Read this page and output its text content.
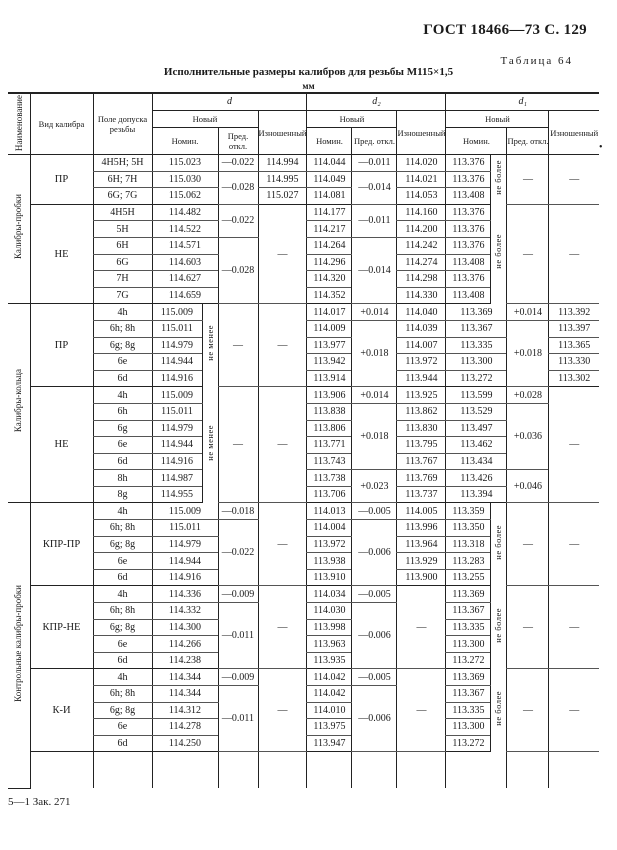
ГОСТ 18466—73 С. 129
Таблица 64
Исполнительные размеры калибров для резьбы М115×1,5
мм
•
Наименование	Вид калибра	Поле допуска резьбы	d				d₂			d₁			
			Новый			Изношенный	Новый		Изношенный	Новый			Изношенный
			Номин.		Пред. откл.		Номин.	Пред. откл.		Номин.		Пред. откл.	
Калибры-пробки	ПР	4H5H; 5H	115.023		—0.022	114.994	114.044	—0.011	114.020	113.376	не более	—	—
		6H; 7H	115.030		—0.028	114.995	114.049	—0.014	114.021	113.376			
		6G; 7G	115.062			115.027	114.081		114.053	113.408			
	НЕ	4H5H	114.482		—0.022	—	114.177	—0.011	114.160	113.376	не более	—	—
		5H	114.522				114.217		114.200	113.376			
		6H	114.571		—0.028		114.264	—0.014	114.242	113.376			
		6G	114.603				114.296		114.274	113.408			
		7H	114.627				114.320		114.298	113.376			
		7G	114.659				114.352		114.330	113.408			
Калибры-кольца	ПР	4h	115.009	не менее	—	—	114.017	+0.014	114.040	113.369		+0.014	113.392
		6h; 8h	115.011				114.009	+0.018	114.039	113.367		+0.018	113.397
		6g; 8g	114.979				113.977		114.007	113.335			113.365
		6e	114.944				113.942		113.972	113.300			113.330
		6d	114.916				113.914		113.944	113.272			113.302
	НЕ	4h	115.009	не менее	—	—	113.906	+0.014	113.925	113.599		+0.028	—
		6h	115.011				113.838	+0.018	113.862	113.529		+0.036	
		6g	114.979				113.806		113.830	113.497			
		6e	114.944				113.771		113.795	113.462			
		6d	114.916				113.743		113.767	113.434			
		8h	114.987				113.738	+0.023	113.769	113.426		+0.046	
		8g	114.955				113.706		113.737	113.394			
Контрольные калибры-пробки	КПР-ПР	4h	115.009		—0.018	—	114.013	—0.005	114.005	113.359	не более	—	—
		6h; 8h	115.011		—0.022		114.004	—0.006	113.996	113.350			
		6g; 8g	114.979				113.972		113.964	113.318			
		6e	114.944				113.938		113.929	113.283			
		6d	114.916				113.910		113.900	113.255			
	КПР-НЕ	4h	114.336		—0.009	—	114.034	—0.005	—	113.369	не более	—	—
		6h; 8h	114.332		—0.011		114.030	—0.006		113.367			
		6g; 8g	114.300				113.998			113.335			
		6e	114.266				113.963			113.300			
		6d	114.238				113.935			113.272			
	К-И	4h	114.344		—0.009	—	114.042	—0.005	—	113.369	не более	—	—
		6h; 8h	114.344		—0.011		114.042	—0.006		113.367			
		6g; 8g	114.312				114.010			113.335			
		6e	114.278				113.975			113.300			
		6d	114.250				113.947			113.272			

5—1 Зак. 271
